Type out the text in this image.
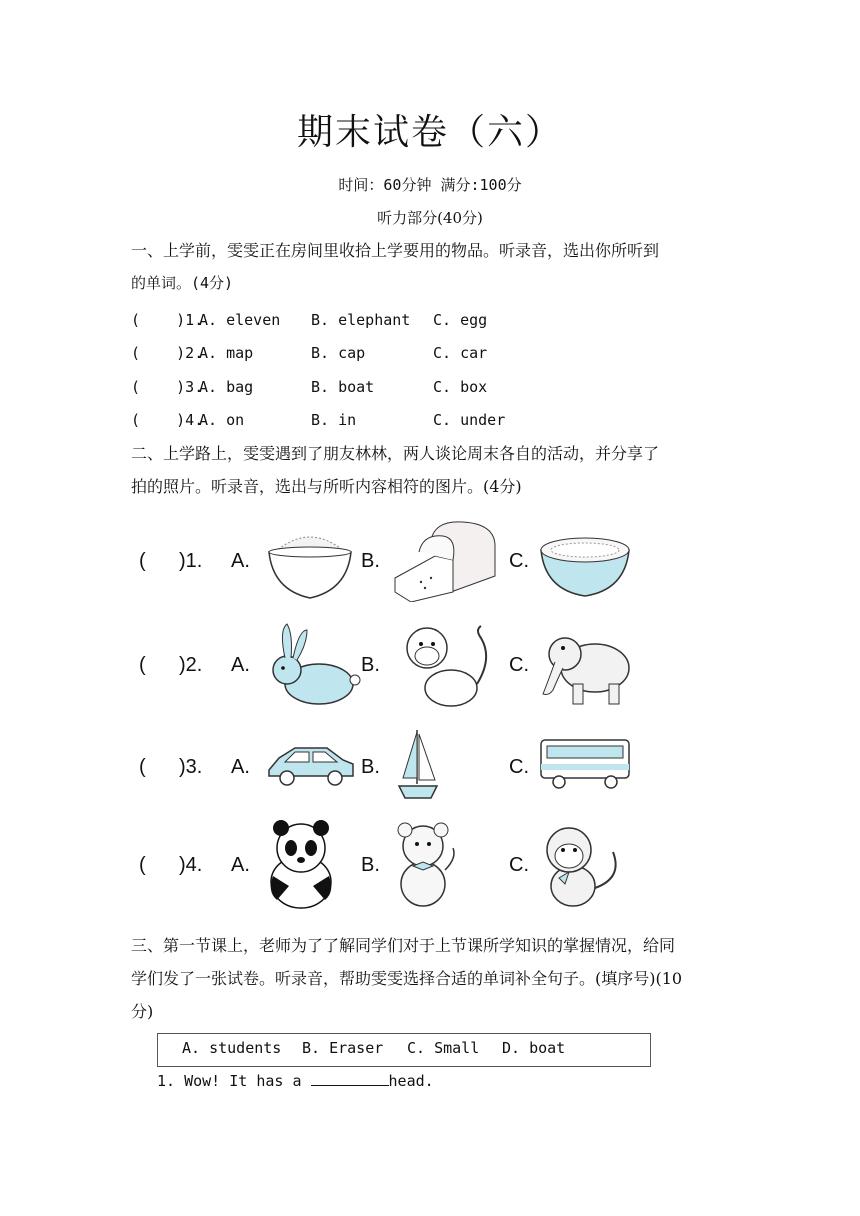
期末试卷（六）
时间：60分钟 满分:100分
听力部分(40分)
一、上学前，雯雯正在房间里收拾上学要用的物品。听录音，选出你所听到
的单词。(4分)
(    )1.
A. eleven B. elephant C. egg
(    )2.
A. map	B. cap	C. car
(    )3.
A. bag	B. boat	C. box
(    )4.
A. on	B. in	C. under
二、上学路上，雯雯遇到了朋友林林，两人谈论周末各自的活动，并分享了
拍的照片。听录音，选出与所听内容相符的图片。(4分)
(      )1. A.	B.	C.
(      )2. A.	B.	C.
(      )3. A.	B.	C.
(      )4. A.	B.	C.
三、第一节课上，老师为了了解同学们对于上节课所学知识的掌握情况，给同
学们发了一张试卷。听录音，帮助雯雯选择合适的单词补全句子。(填序号)(10
分)
A. students B. Eraser C. Small D. boat
1. Wow! It has a	head.
